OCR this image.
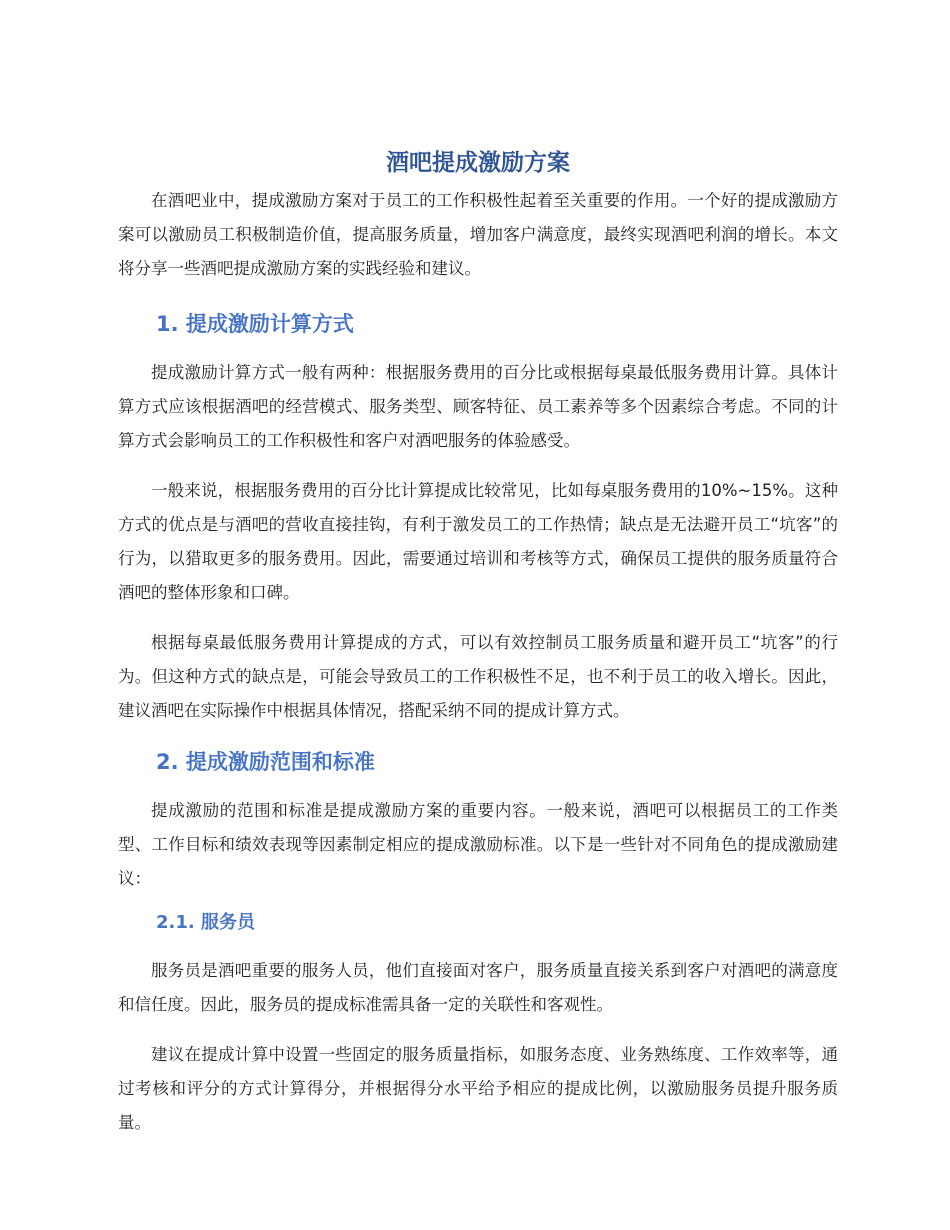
酒吧提成激励方案

在酒吧业中，提成激励方案对于员工的工作积极性起着至关重要的作用。一个好的提成激励方案可以激励员工积极制造价值，提高服务质量，增加客户满意度，最终实现酒吧利润的增长。本文将分享一些酒吧提成激励方案的实践经验和建议。

1. 提成激励计算方式

提成激励计算方式一般有两种：根据服务费用的百分比或根据每桌最低服务费用计算。具体计算方式应该根据酒吧的经营模式、服务类型、顾客特征、员工素养等多个因素综合考虑。不同的计算方式会影响员工的工作积极性和客户对酒吧服务的体验感受。

一般来说，根据服务费用的百分比计算提成比较常见，比如每桌服务费用的10%~15%。这种方式的优点是与酒吧的营收直接挂钩，有利于激发员工的工作热情；缺点是无法避开员工“坑客”的行为，以猎取更多的服务费用。因此，需要通过培训和考核等方式，确保员工提供的服务质量符合酒吧的整体形象和口碑。

根据每桌最低服务费用计算提成的方式，可以有效控制员工服务质量和避开员工“坑客”的行为。但这种方式的缺点是，可能会导致员工的工作积极性不足，也不利于员工的收入增长。因此，建议酒吧在实际操作中根据具体情况，搭配采纳不同的提成计算方式。

2. 提成激励范围和标准

提成激励的范围和标准是提成激励方案的重要内容。一般来说，酒吧可以根据员工的工作类型、工作目标和绩效表现等因素制定相应的提成激励标准。以下是一些针对不同角色的提成激励建议：

2.1. 服务员

服务员是酒吧重要的服务人员，他们直接面对客户，服务质量直接关系到客户对酒吧的满意度和信任度。因此，服务员的提成标准需具备一定的关联性和客观性。

建议在提成计算中设置一些固定的服务质量指标，如服务态度、业务熟练度、工作效率等，通过考核和评分的方式计算得分，并根据得分水平给予相应的提成比例，以激励服务员提升服务质量。
